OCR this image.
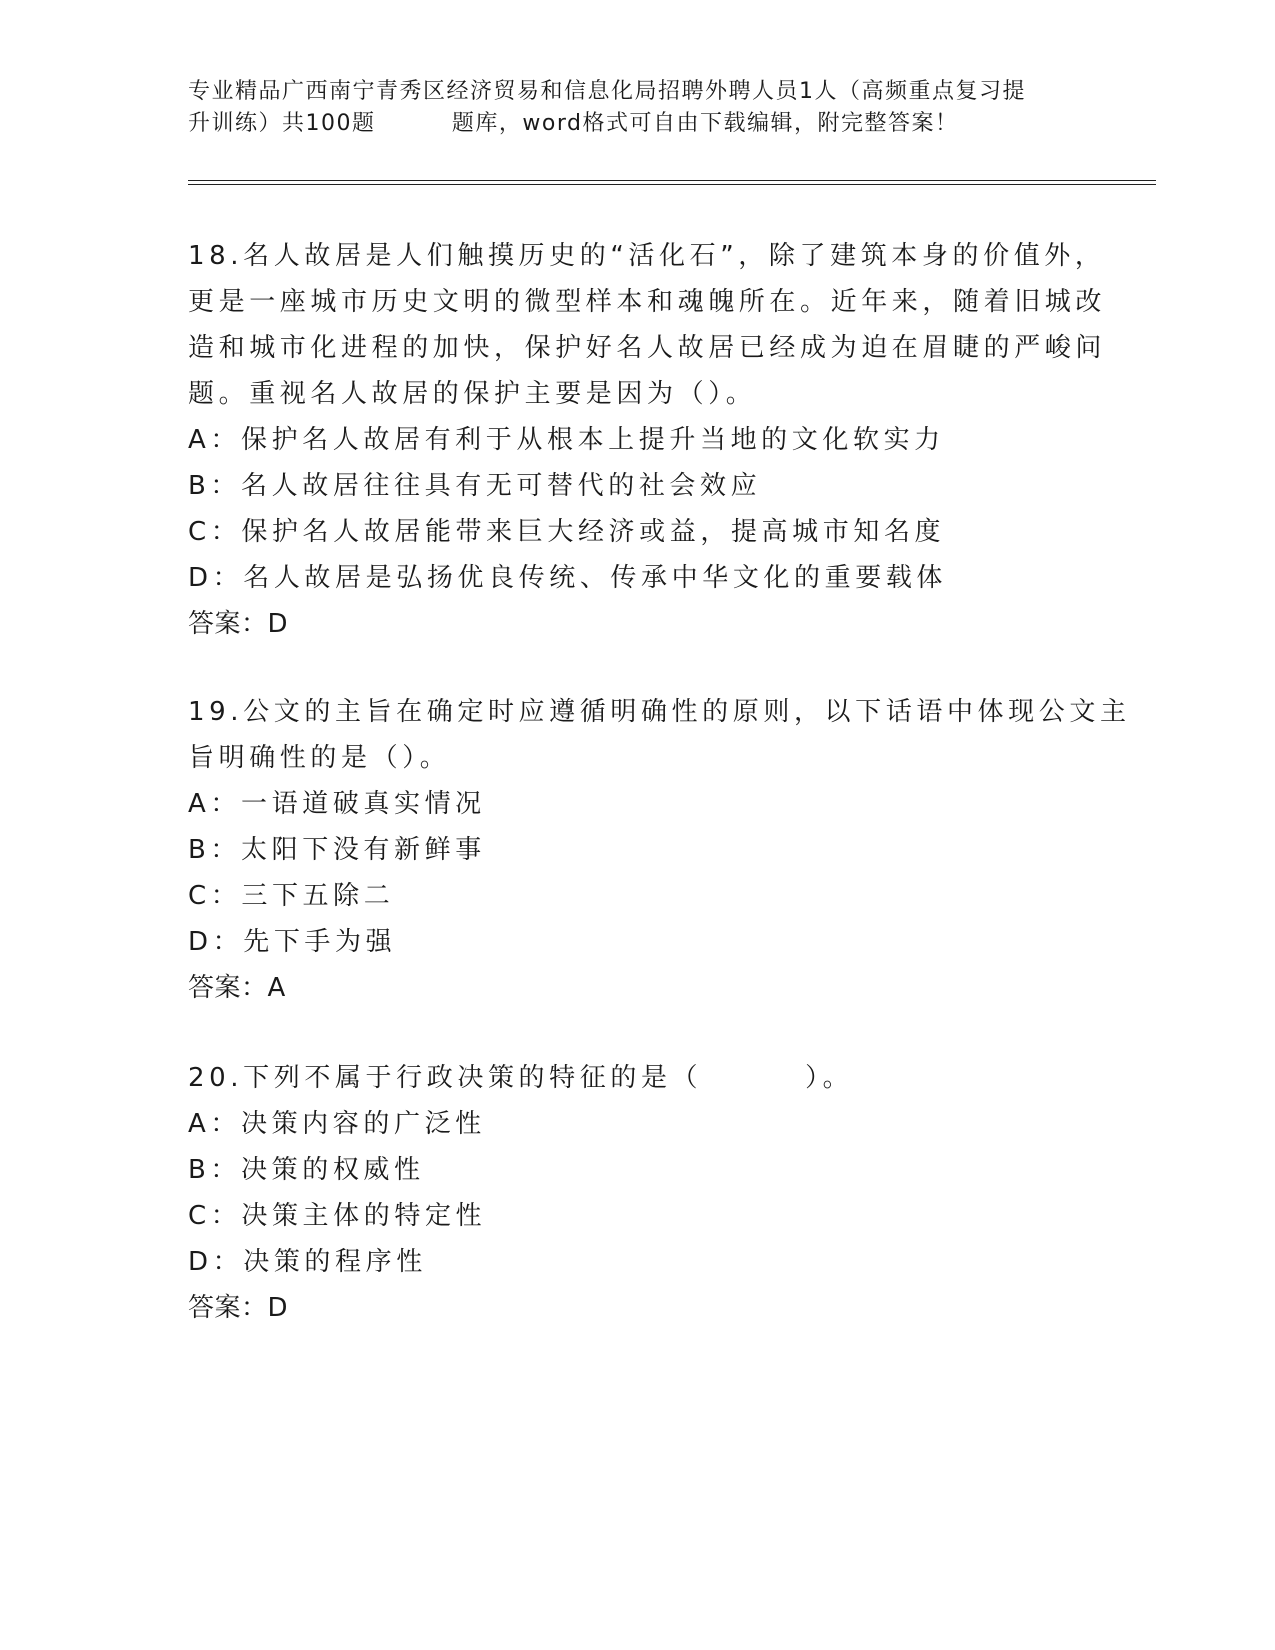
专业精品广西南宁青秀区经济贸易和信息化局招聘外聘人员1人（高频重点复习提
升训练）共100题         题库，word格式可自由下载编辑，附完整答案！
18.名人故居是人们触摸历史的“活化石”，除了建筑本身的价值外，
更是一座城市历史文明的微型样本和魂魄所在。近年来，随着旧城改
造和城市化进程的加快，保护好名人故居已经成为迫在眉睫的严峻问
题。重视名人故居的保护主要是因为（）。
A：保护名人故居有利于从根本上提升当地的文化软实力
B：名人故居往往具有无可替代的社会效应
C：保护名人故居能带来巨大经济或益，提高城市知名度
D：名人故居是弘扬优良传统、传承中华文化的重要载体
答案：D
19.公文的主旨在确定时应遵循明确性的原则，以下话语中体现公文主
旨明确性的是（）。
A：一语道破真实情况
B：太阳下没有新鲜事
C：三下五除二
D：先下手为强
答案：A
20.下列不属于行政决策的特征的是（        ）。
A：决策内容的广泛性
B：决策的权威性
C：决策主体的特定性
D：决策的程序性
答案：D
